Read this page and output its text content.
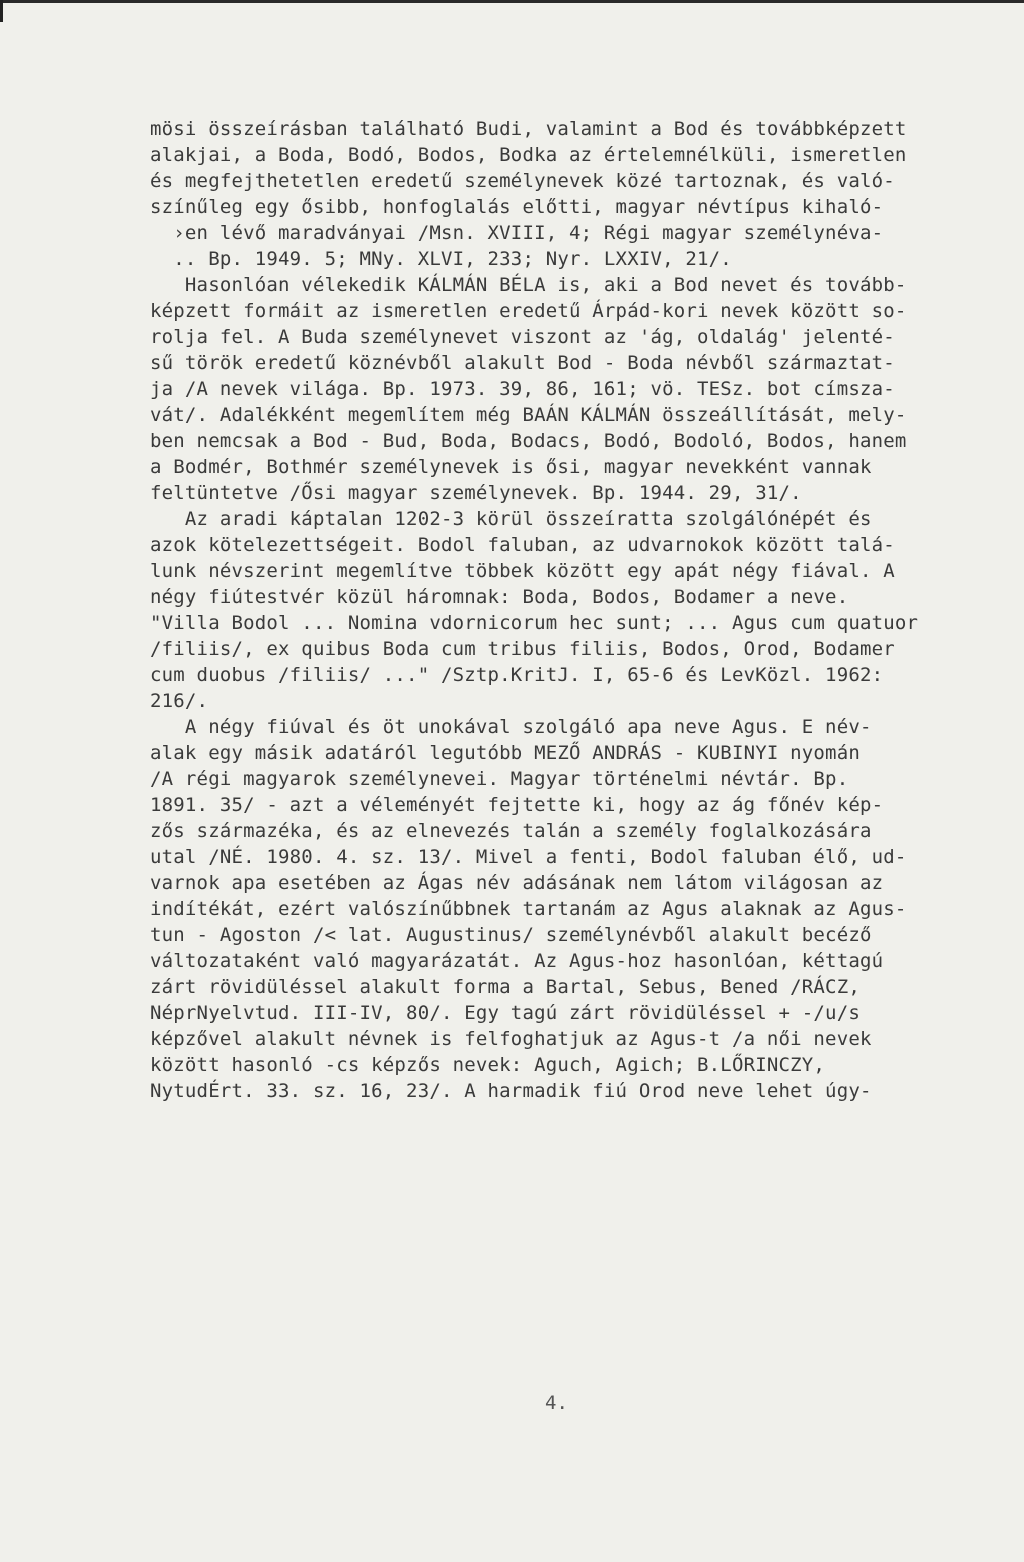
mösi összeírásban található Budi, valamint a Bod és továbbképzett
alakjai, a Boda, Bodó, Bodos, Bodka az értelemnélküli, ismeretlen
és megfejthetetlen eredetű személynevek közé tartoznak, és való-
színűleg egy ősibb, honfoglalás előtti, magyar névtípus kihaló-
›en lévő maradványai /Msn. XVIII, 4; Régi magyar személynéva-
.. Bp. 1949. 5; MNy. XLVI, 233; Nyr. LXXIV, 21/.
Hasonlóan vélekedik KÁLMÁN BÉLA is, aki a Bod nevet és tovább-
képzett formáit az ismeretlen eredetű Árpád-kori nevek között so-
rolja fel. A Buda személynevet viszont az 'ág, oldalág' jelenté-
sű török eredetű köznévből alakult Bod - Boda névből származtat-
ja /A nevek világa. Bp. 1973. 39, 86, 161; vö. TESz. bot címsza-
vát/. Adalékként megemlítem még BAÁN KÁLMÁN összeállítását, mely-
ben nemcsak a Bod - Bud, Boda, Bodacs, Bodó, Bodoló, Bodos, hanem
a Bodmér, Bothmér személynevek is ősi, magyar nevekként vannak
feltüntetve /Ősi magyar személynevek. Bp. 1944. 29, 31/.
Az aradi káptalan 1202-3 körül összeíratta szolgálónépét és
azok kötelezettségeit. Bodol faluban, az udvarnokok között talá-
lunk névszerint megemlítve többek között egy apát négy fiával. A
négy fiútestvér közül háromnak: Boda, Bodos, Bodamer a neve.
"Villa Bodol ... Nomina vdornicorum hec sunt; ... Agus cum quatuor
/filiis/, ex quibus Boda cum tribus filiis, Bodos, Orod, Bodamer
cum duobus /filiis/ ..." /Sztp.KritJ. I, 65-6 és LevKözl. 1962:
216/.
A négy fiúval és öt unokával szolgáló apa neve Agus. E név-
alak egy másik adatáról legutóbb MEZŐ ANDRÁS - KUBINYI nyomán
/A régi magyarok személynevei. Magyar történelmi névtár. Bp.
1891. 35/ - azt a véleményét fejtette ki, hogy az ág főnév kép-
zős származéka, és az elnevezés talán a személy foglalkozására
utal /NÉ. 1980. 4. sz. 13/. Mivel a fenti, Bodol faluban élő, ud-
varnok apa esetében az Ágas név adásának nem látom világosan az
indítékát, ezért valószínűbbnek tartanám az Agus alaknak az Agus-
tun - Agoston /< lat. Augustinus/ személynévből alakult becéző
változataként való magyarázatát. Az Agus-hoz hasonlóan, kéttagú
zárt rövidüléssel alakult forma a Bartal, Sebus, Bened /RÁCZ,
NéprNyelvtud. III-IV, 80/. Egy tagú zárt rövidüléssel + -/u/s
képzővel alakult névnek is felfoghatjuk az Agus-t /a női nevek
között hasonló -cs képzős nevek: Aguch, Agich; B.LŐRINCZY,
NytudÉrt. 33. sz. 16, 23/. A harmadik fiú Orod neve lehet úgy-
4.
